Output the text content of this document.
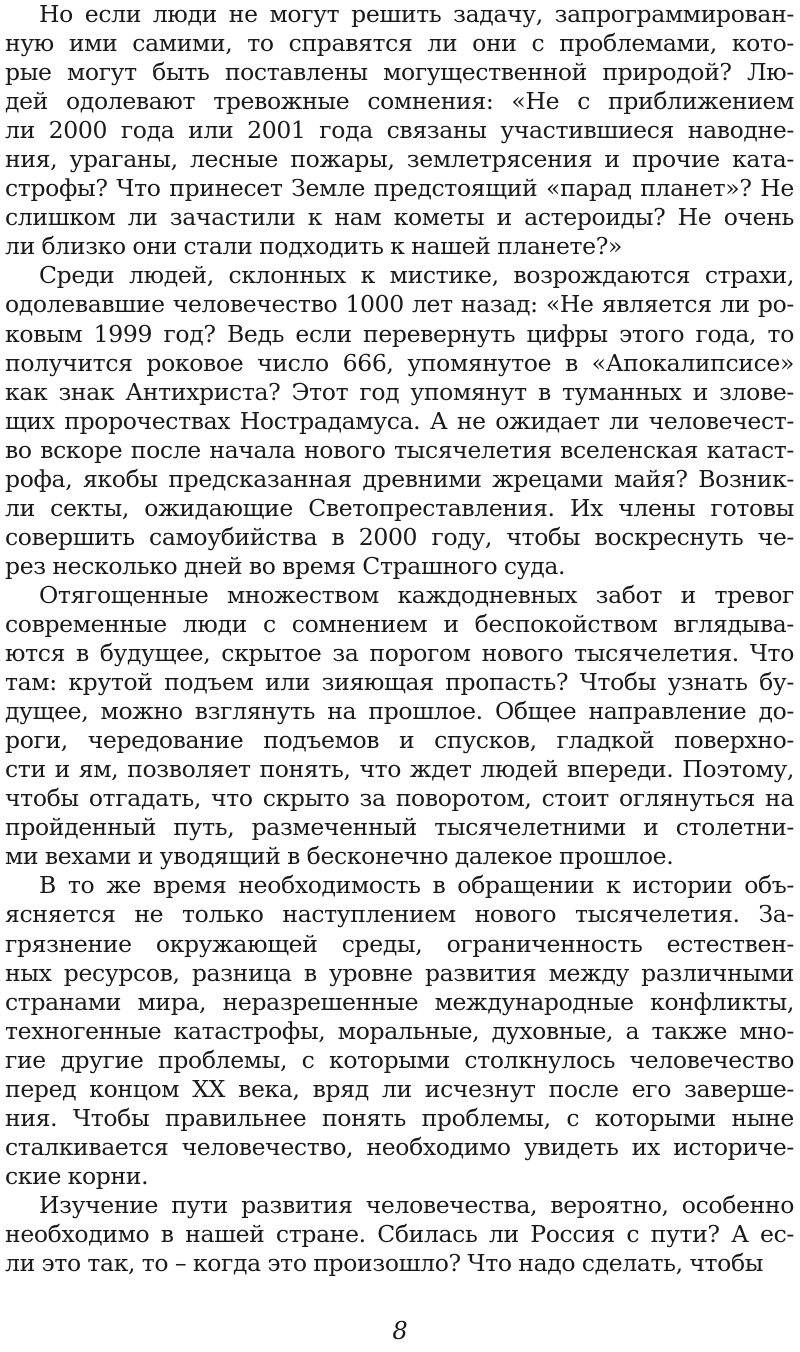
Но если люди не могут решить задачу, запрограммирован-
ную ими самими, то справятся ли они с проблемами, кото-
рые могут быть поставлены могущественной природой? Лю-
дей одолевают тревожные сомнения: «Не с приближением
ли 2000 года или 2001 года связаны участившиеся наводне-
ния, ураганы, лесные пожары, землетрясения и прочие ката-
строфы? Что принесет Земле предстоящий «парад планет»? Не
слишком ли зачастили к нам кометы и астероиды? Не очень
ли близко они стали подходить к нашей планете?»
Среди людей, склонных к мистике, возрождаются страхи,
одолевавшие человечество 1000 лет назад: «Не является ли ро-
ковым 1999 год? Ведь если перевернуть цифры этого года, то
получится роковое число 666, упомянутое в «Апокалипсисе»
как знак Антихриста? Этот год упомянут в туманных и злове-
щих пророчествах Нострадамуса. А не ожидает ли человечест-
во вскоре после начала нового тысячелетия вселенская катаст-
рофа, якобы предсказанная древними жрецами майя? Возник-
ли секты, ожидающие Светопреставления. Их члены готовы
совершить самоубийства в 2000 году, чтобы воскреснуть че-
рез несколько дней во время Страшного суда.
Отягощенные множеством каждодневных забот и тревог
современные люди с сомнением и беспокойством вглядыва-
ются в будущее, скрытое за порогом нового тысячелетия. Что
там: крутой подъем или зияющая пропасть? Чтобы узнать бу-
дущее, можно взглянуть на прошлое. Общее направление до-
роги, чередование подъемов и спусков, гладкой поверхно-
сти и ям, позволяет понять, что ждет людей впереди. Поэтому,
чтобы отгадать, что скрыто за поворотом, стоит оглянуться на
пройденный путь, размеченный тысячелетними и столетни-
ми вехами и уводящий в бесконечно далекое прошлое.
В то же время необходимость в обращении к истории объ-
ясняется не только наступлением нового тысячелетия. За-
грязнение окружающей среды, ограниченность естествен-
ных ресурсов, разница в уровне развития между различными
странами мира, неразрешенные международные конфликты,
техногенные катастрофы, моральные, духовные, а также мно-
гие другие проблемы, с которыми столкнулось человечество
перед концом XX века, вряд ли исчезнут после его заверше-
ния. Чтобы правильнее понять проблемы, с которыми ныне
сталкивается человечество, необходимо увидеть их историче-
ские корни.
Изучение пути развития человечества, вероятно, особенно
необходимо в нашей стране. Сбилась ли Россия с пути? А ес-
ли это так, то – когда это произошло? Что надо сделать, чтобы
8
